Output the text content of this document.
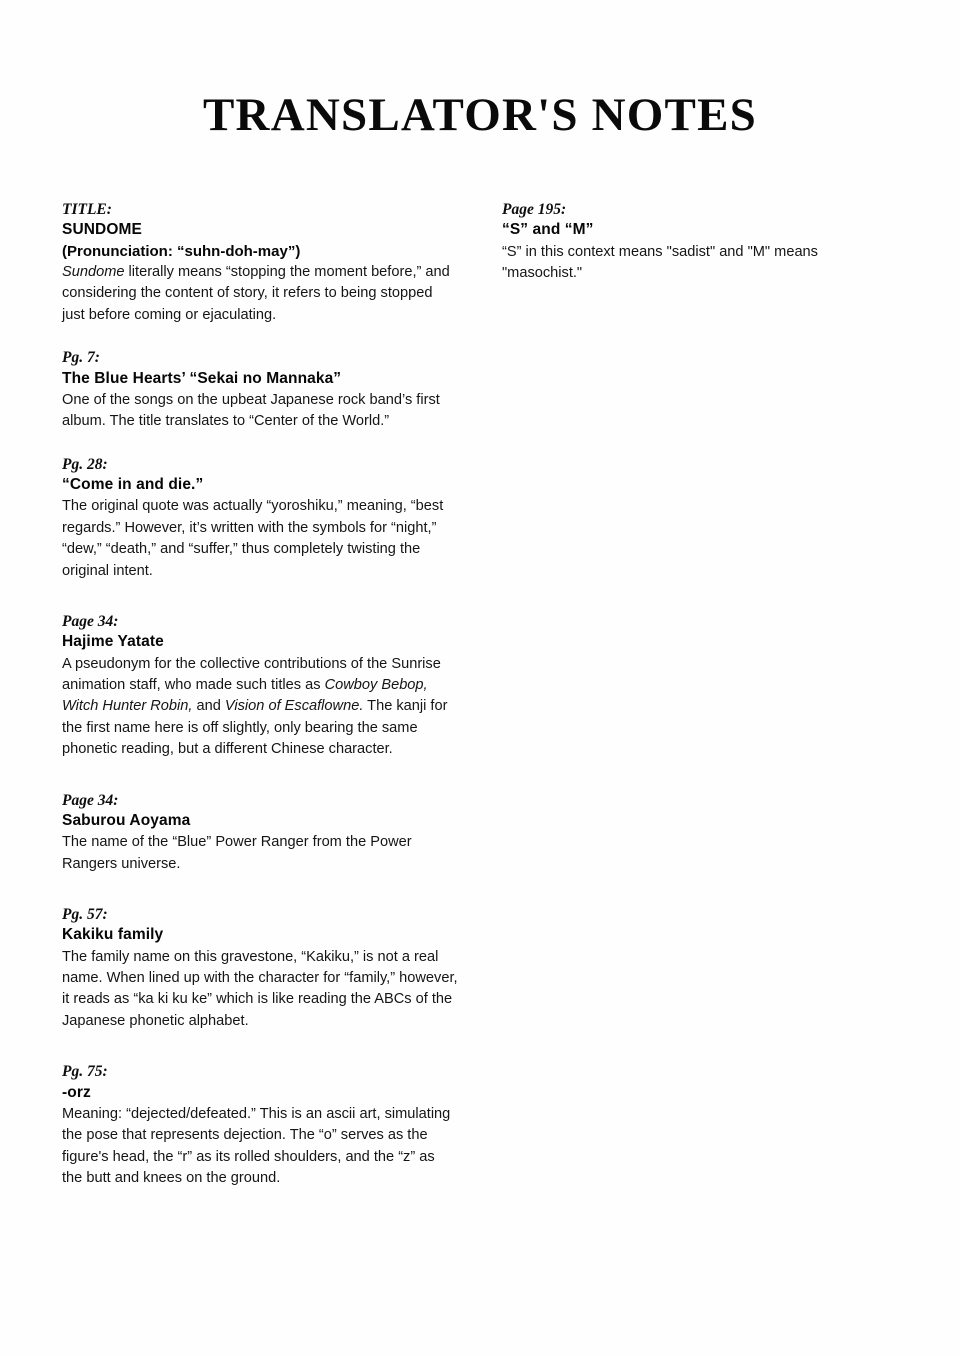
TRANSLATOR'S NOTES
TITLE:
SUNDOME
(Pronunciation: “suhn-doh-may”)
Sundome literally means “stopping the moment before,” and considering the content of story, it refers to being stopped just before coming or ejaculating.
Pg. 7:
The Blue Hearts’ “Sekai no Mannaka”
One of the songs on the upbeat Japanese rock band’s first album. The title translates to “Center of the World.”
Pg. 28:
“Come in and die.”
The original quote was actually “yoroshiku,” meaning, “best regards.” However, it’s written with the symbols for “night,” “dew,” “death,” and “suffer,” thus completely twisting the original intent.
Page 34:
Hajime Yatate
A pseudonym for the collective contributions of the Sunrise animation staff, who made such titles as Cowboy Bebop, Witch Hunter Robin, and Vision of Escaflowne. The kanji for the first name here is off slightly, only bearing the same phonetic reading, but a different Chinese character.
Page 34:
Saburou Aoyama
The name of the “Blue” Power Ranger from the Power Rangers universe.
Pg. 57:
Kakiku family
The family name on this gravestone, “Kakiku,” is not a real name. When lined up with the character for “family,” however, it reads as “ka ki ku ke” which is like reading the ABCs of the Japanese phonetic alphabet.
Pg. 75:
-orz
Meaning: “dejected/defeated.” This is an ascii art, simulating the pose that represents dejection. The “o” serves as the figure's head, the “r” as its rolled shoulders, and the “z” as the butt and knees on the ground.
Page 195:
“S” and “M”
“S” in this context means "sadist" and "M" means "masochist."
